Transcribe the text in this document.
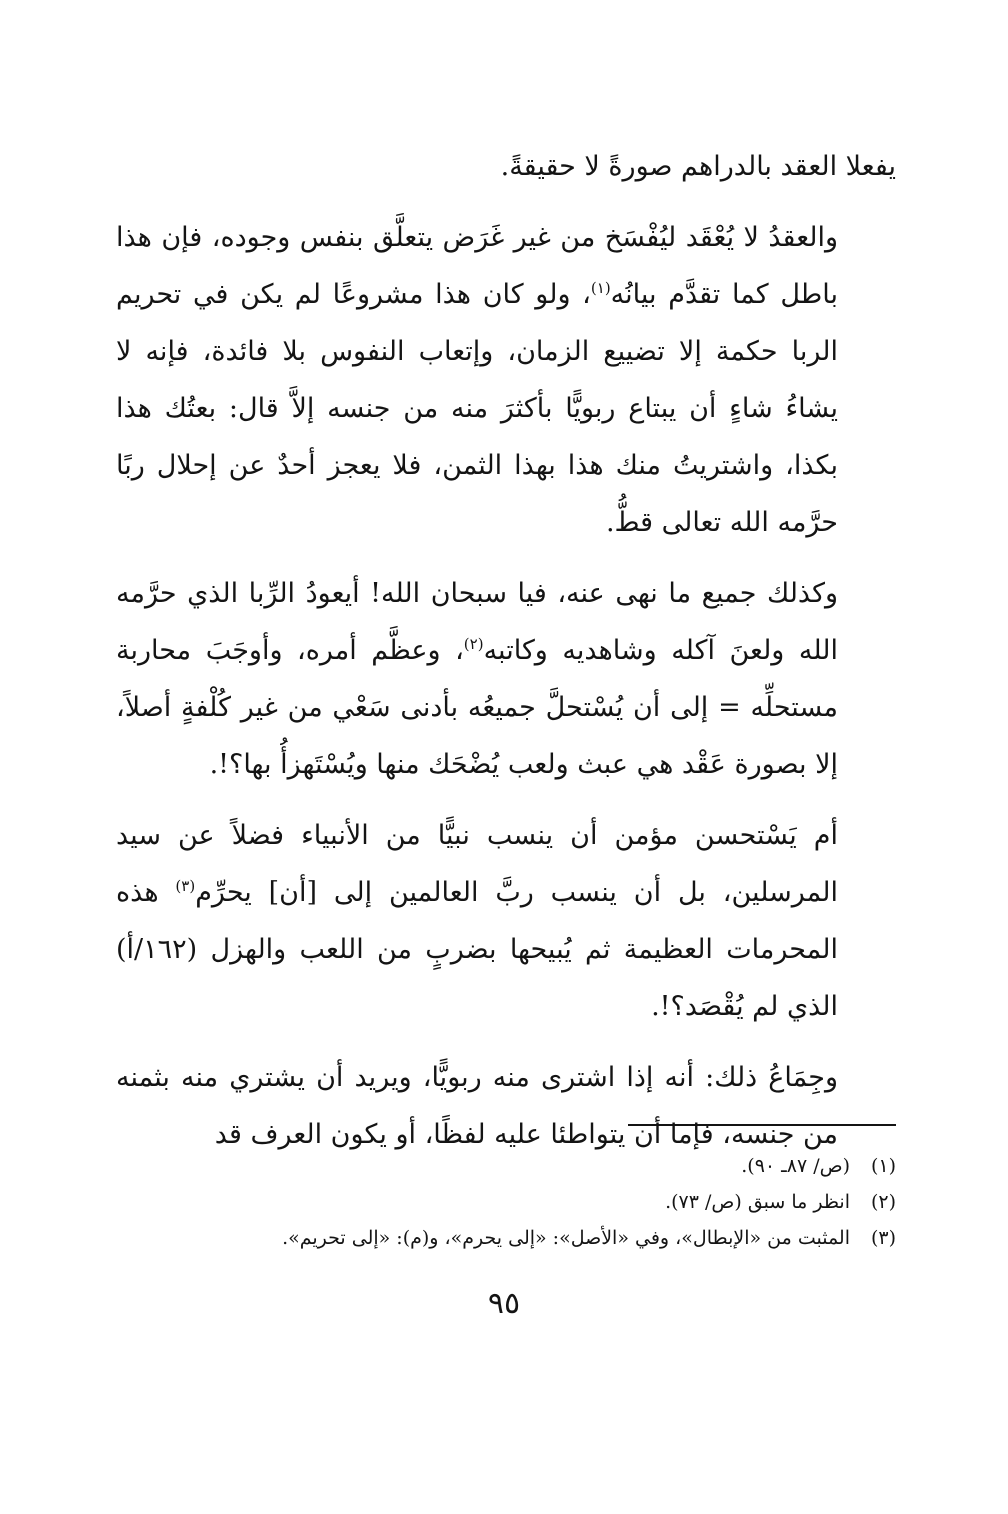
يفعلا العقد بالدراهم صورةً لا حقيقةً.

والعقدُ لا يُعْقَد ليُفْسَخ من غير غَرَض يتعلَّق بنفس وجوده، فإن هذا باطل كما تقدَّم بيانُه$^{(١)}$، ولو كان هذا مشروعًا لم يكن في تحريم الربا حكمة إلا تضييع الزمان، وإتعاب النفوس بلا فائدة، فإنه لا يشاءُ شاءٍ أن يبتاع ربويًّا بأكثرَ منه من جنسه إلاَّ قال: بعتُك هذا بكذا، واشتريتُ منك هذا بهذا الثمن، فلا يعجز أحدٌ عن إحلال ربًا حرَّمه الله تعالى قطُّ.

وكذلك جميع ما نهى عنه، فيا سبحان الله! أيعودُ الرِّبا الذي حرَّمه الله ولعنَ آكله وشاهديه وكاتبه$^{(٢)}$، وعظَّم أمره، وأوجَبَ محاربة مستحلِّه = إلى أن يُسْتحلَّ جميعُه بأدنى سَعْي من غير كُلْفةٍ أصلاً، إلا بصورة عَقْد هي عبث ولعب يُضْحَك منها ويُسْتَهزأُ بها؟!.

أم يَسْتحسن مؤمن أن ينسب نبيًّا من الأنبياء فضلاً عن سيد المرسلين، بل أن ينسب ربَّ العالمين إلى [أن] يحرِّم$^{(٣)}$ هذه المحرمات العظيمة ثم يُبيحها بضربٍ من اللعب والهزل (١٦٢/أ) الذي لم يُقْصَد؟!.

وجِمَاعُ ذلك: أنه إذا اشترى منه ربويًّا، ويريد أن يشتري منه بثمنه من جنسه، فإما أن يتواطئا عليه لفظًا، أو يكون العرف قد

(١)
(ص/ ٨٧ـ ٩٠).
(٢)
انظر ما سبق (ص/ ٧٣).
(٣)
المثبت من «الإبطال»، وفي «الأصل»: «إلى يحرم»، و(م): «إلى تحريم».
٩٥
